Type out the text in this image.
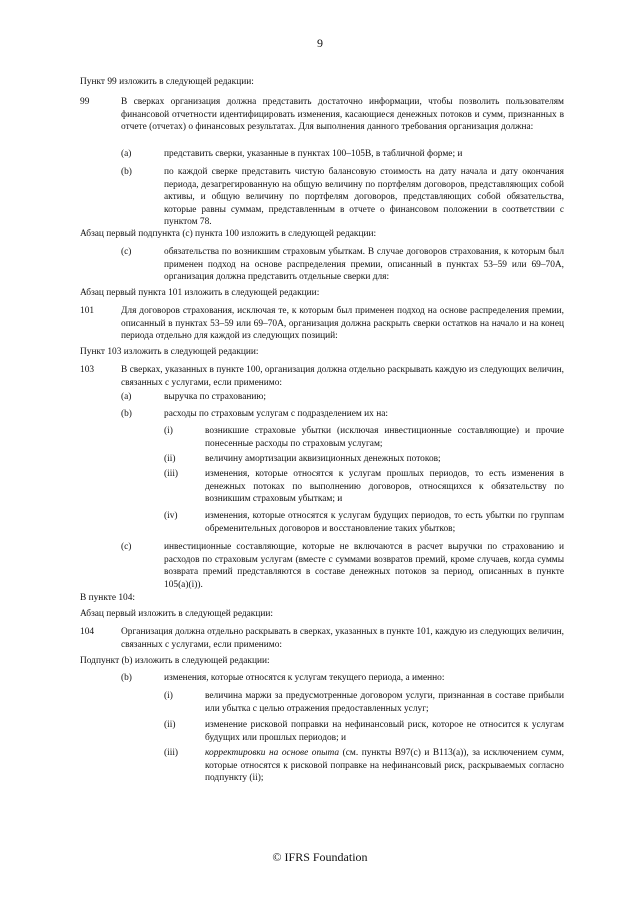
9
Пункт 99 изложить в следующей редакции:
99	В сверках организация должна представить достаточно информации, чтобы позволить пользователям финансовой отчетности идентифицировать изменения, касающиеся денежных потоков и сумм, признанных в отчете (отчетах) о финансовых результатах. Для выполнения данного требования организация должна:
(a)	представить сверки, указанные в пунктах 100–105B, в табличной форме; и
(b)	по каждой сверке представить чистую балансовую стоимость на дату начала и дату окончания периода, дезагрегированную на общую величину по портфелям договоров, представляющих собой активы, и общую величину по портфелям договоров, представляющих собой обязательства, которые равны суммам, представленным в отчете о финансовом положении в соответствии с пунктом 78.
Абзац первый подпункта (c) пункта 100 изложить в следующей редакции:
(c)	обязательства по возникшим страховым убыткам. В случае договоров страхования, к которым был применен подход на основе распределения премии, описанный в пунктах 53–59 или 69–70A, организация должна представить отдельные сверки для:
Абзац первый пункта 101 изложить в следующей редакции:
101	Для договоров страхования, исключая те, к которым был применен подход на основе распределения премии, описанный в пунктах 53–59 или 69–70A, организация должна раскрыть сверки остатков на начало и на конец периода отдельно для каждой из следующих позиций:
Пункт 103 изложить в следующей редакции:
103	В сверках, указанных в пункте 100, организация должна отдельно раскрывать каждую из следующих величин, связанных с услугами, если применимо:
(a)	выручка по страхованию;
(b)	расходы по страховым услугам с подразделением их на:
(i)	возникшие страховые убытки (исключая инвестиционные составляющие) и прочие понесенные расходы по страховым услугам;
(ii)	величину амортизации аквизиционных денежных потоков;
(iii)	изменения, которые относятся к услугам прошлых периодов, то есть изменения в денежных потоках по выполнению договоров, относящихся к обязательству по возникшим страховым убыткам; и
(iv)	изменения, которые относятся к услугам будущих периодов, то есть убытки по группам обременительных договоров и восстановление таких убытков;
(c)	инвестиционные составляющие, которые не включаются в расчет выручки по страхованию и расходов по страховым услугам (вместе с суммами возвратов премий, кроме случаев, когда суммы возврата премий представляются в составе денежных потоков за период, описанных в пункте 105(a)(i)).
В пункте 104:
Абзац первый изложить в следующей редакции:
104	Организация должна отдельно раскрывать в сверках, указанных в пункте 101, каждую из следующих величин, связанных с услугами, если применимо:
Подпункт (b) изложить в следующей редакции:
(b)	изменения, которые относятся к услугам текущего периода, а именно:
(i)	величина маржи за предусмотренные договором услуги, признанная в составе прибыли или убытка с целью отражения предоставленных услуг;
(ii)	изменение рисковой поправки на нефинансовый риск, которое не относится к услугам будущих или прошлых периодов; и
(iii)	корректировки на основе опыта (см. пункты B97(c) и B113(a)), за исключением сумм, которые относятся к рисковой поправке на нефинансовый риск, раскрываемых согласно подпункту (ii);
© IFRS Foundation
